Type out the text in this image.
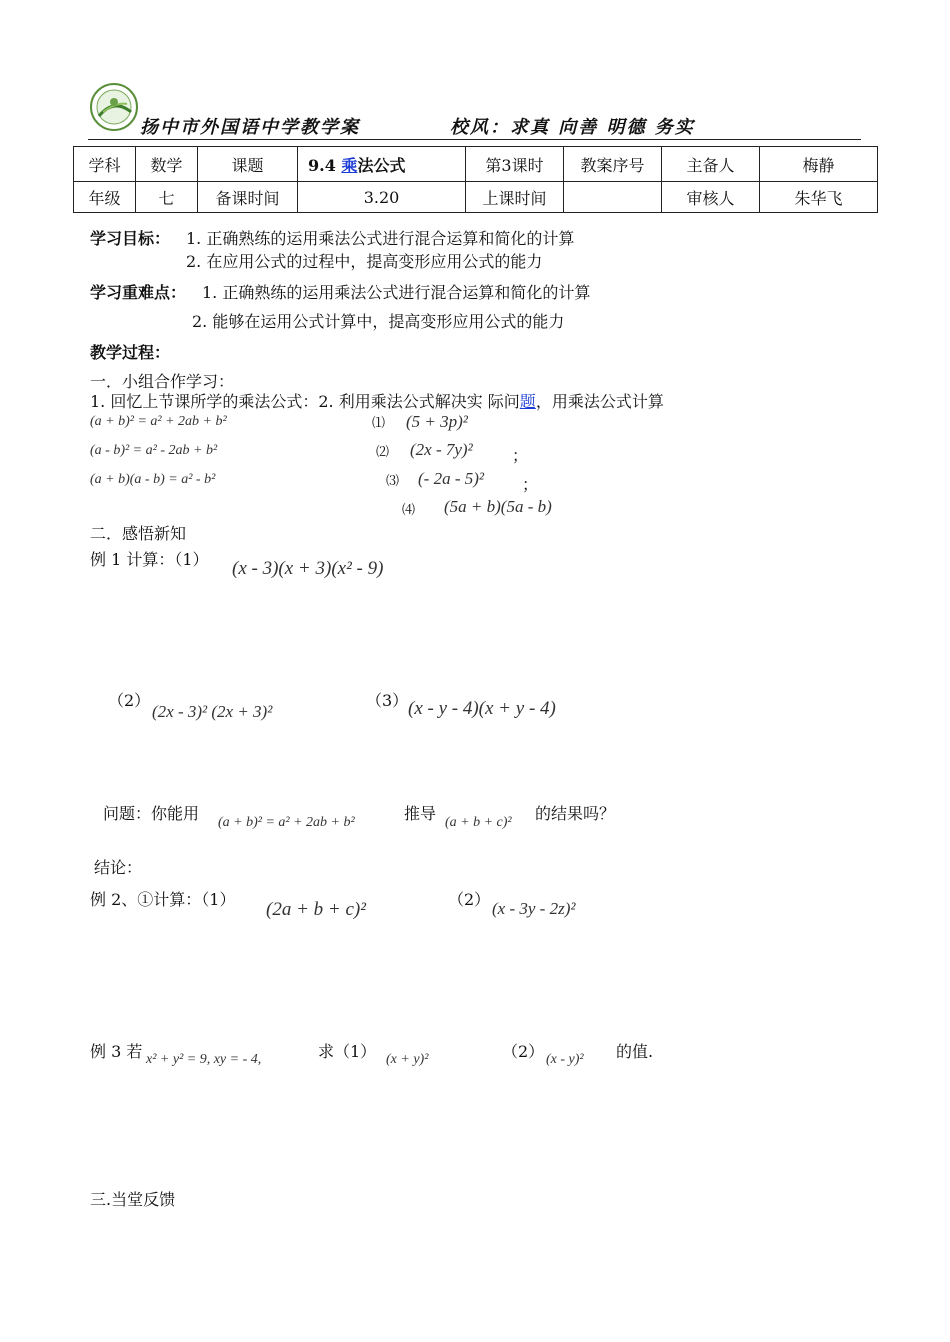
扬中市外国语中学教学案	校风：求真 向善 明德 务实
学科	数学	课题	9.4 乘法公式	第3课时	教案序号	主备人	梅静
年级	七	备课时间	3.20	上课时间		审核人	朱华飞
学习目标： 1. 正确熟练的运用乘法公式进行混合运算和简化的计算
2. 在应用公式的过程中，提高变形应用公式的能力
学习重难点： 1. 正确熟练的运用乘法公式进行混合运算和简化的计算
2. 能够在运用公式计算中，提高变形应用公式的能力
教学过程：
一．小组合作学习：
1. 回忆上节课所学的乘法公式：2. 利用乘法公式解决实 际问题，用乘法公式计算
(a + b)² = a² + 2ab + b²
(a - b)² = a² - 2ab + b²
(a + b)(a - b) = a² - b²
⑴ (5 + 3p)²
⑵ (2x - 7y)² ；
⑶ (- 2a - 5)² ；
⑷ (5a + b)(5a - b)
二．感悟新知
例 1 计算：（1） (x - 3)(x + 3)(x² - 9)
（2）
(2x - 3)² (2x + 3)²
（3） (x - y - 4)(x + y - 4)
问题：你能用 (a + b)² = a² + 2ab + b²	推导 (a + b + c)² 的结果吗？
结论：
例 2、①计算：（1） (2a + b + c)²	（2） (x - 3y - 2z)²
例 3 若 x² + y² = 9, xy = - 4,	求（1） (x + y)²	（2） (x - y)² 的值.
三.当堂反馈
